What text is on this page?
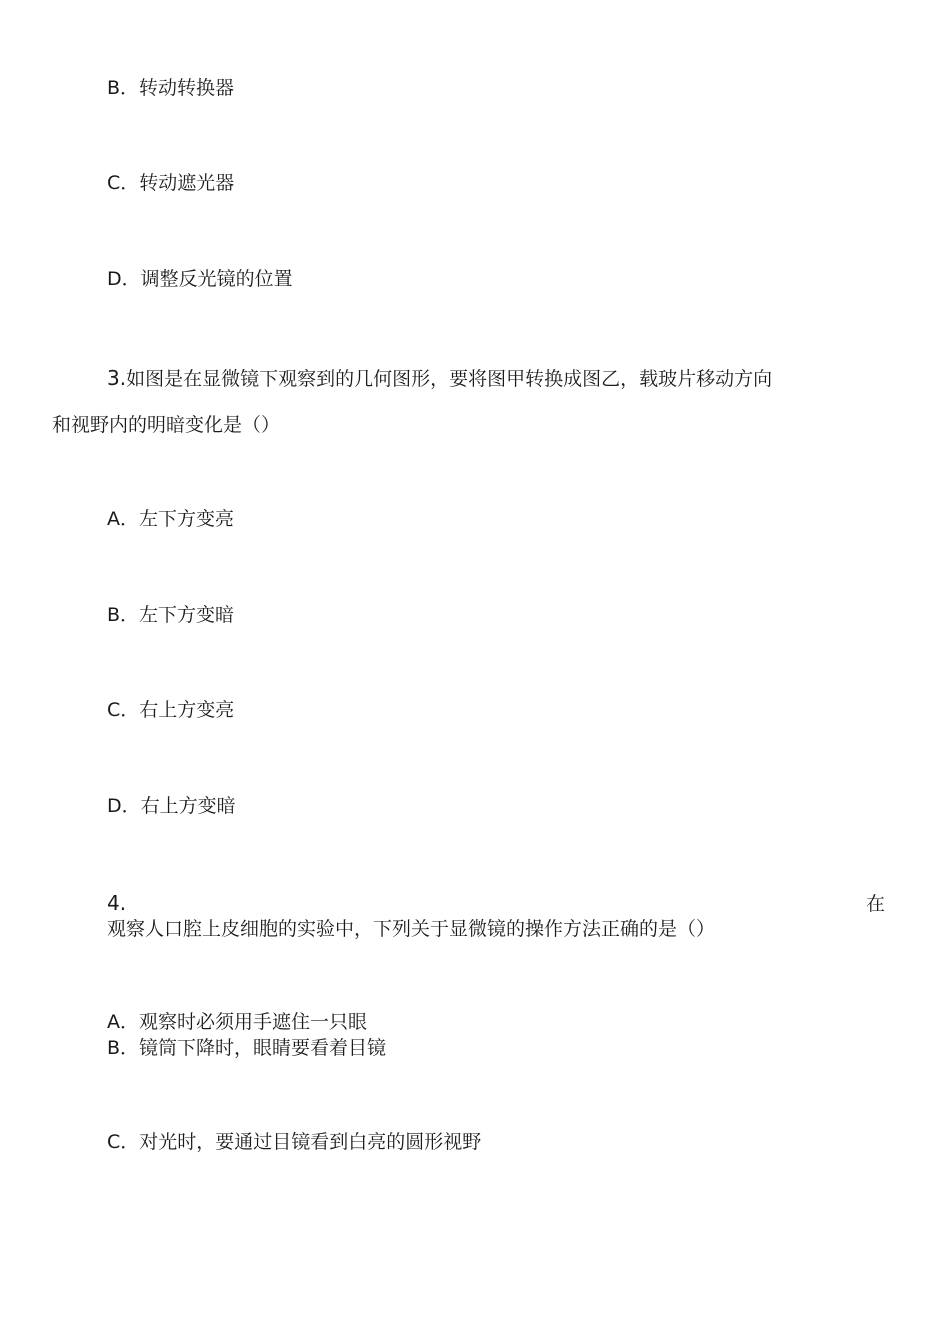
B．转动转换器
C．转动遮光器
D．调整反光镜的位置
3.如图是在显微镜下观察到的几何图形，要将图甲转换成图乙，载玻片移动方向
和视野内的明暗变化是（）
A．左下方变亮
B．左下方变暗
C．右上方变亮
D．右上方变暗
4.	在
观察人口腔上皮细胞的实验中，下列关于显微镜的操作方法正确的是（）
A．观察时必须用手遮住一只眼
B．镜筒下降时，眼睛要看着目镜
C．对光时，要通过目镜看到白亮的圆形视野
